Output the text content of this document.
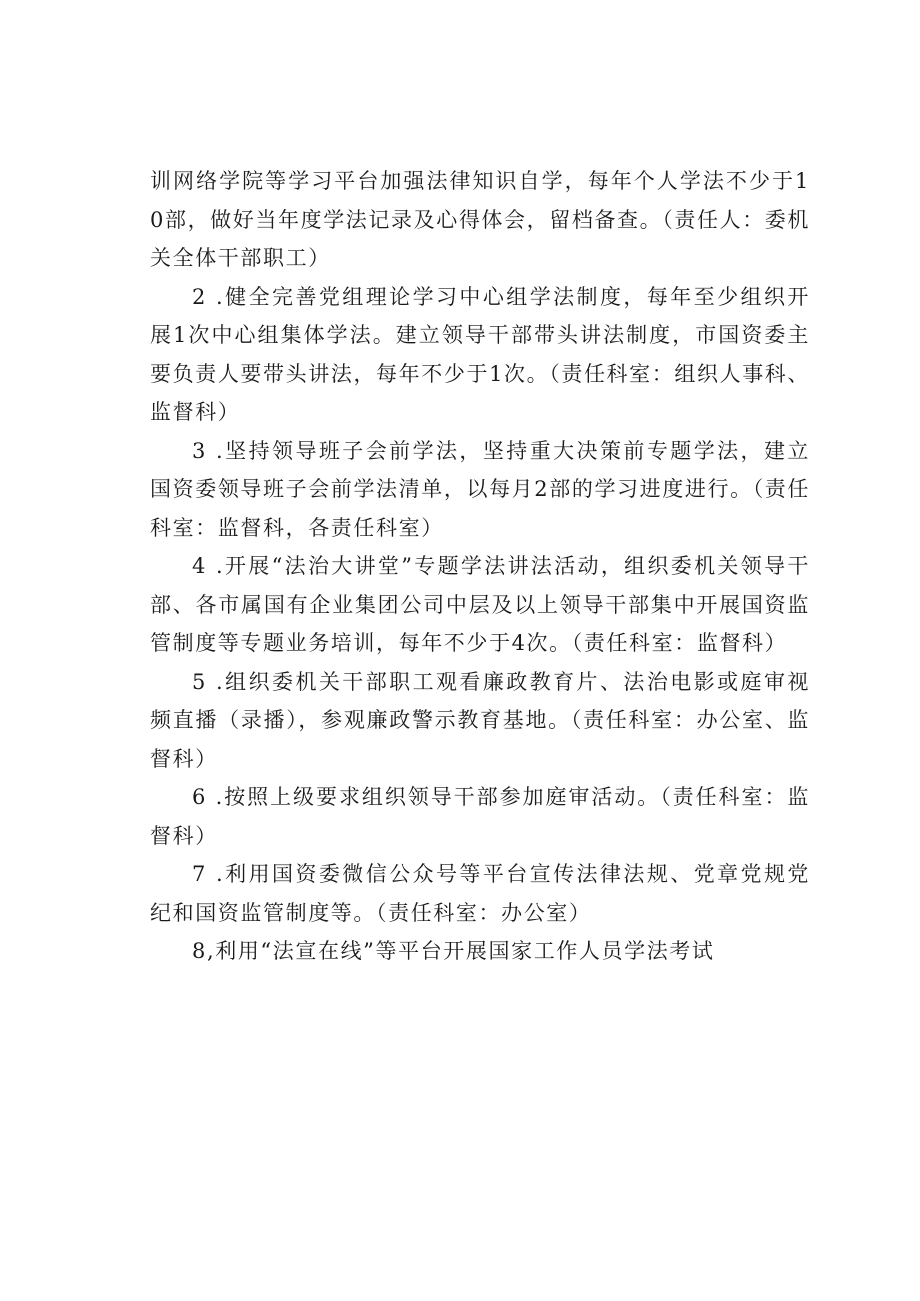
训网络学院等学习平台加强法律知识自学，每年个人学法不少于10部，做好当年度学法记录及心得体会，留档备查。（责任人：委机关全体干部职工）

2 .健全完善党组理论学习中心组学法制度，每年至少组织开展1次中心组集体学法。建立领导干部带头讲法制度，市国资委主要负责人要带头讲法，每年不少于1次。（责任科室：组织人事科、监督科）

3 .坚持领导班子会前学法，坚持重大决策前专题学法，建立国资委领导班子会前学法清单，以每月2部的学习进度进行。（责任科室：监督科，各责任科室）

4 .开展“法治大讲堂”专题学法讲法活动，组织委机关领导干部、各市属国有企业集团公司中层及以上领导干部集中开展国资监管制度等专题业务培训，每年不少于4次。（责任科室：监督科）

5 .组织委机关干部职工观看廉政教育片、法治电影或庭审视频直播（录播），参观廉政警示教育基地。（责任科室：办公室、监督科）

6 .按照上级要求组织领导干部参加庭审活动。（责任科室：监督科）

7 .利用国资委微信公众号等平台宣传法律法规、党章党规党纪和国资监管制度等。（责任科室：办公室）

8,利用“法宣在线”等平台开展国家工作人员学法考试
